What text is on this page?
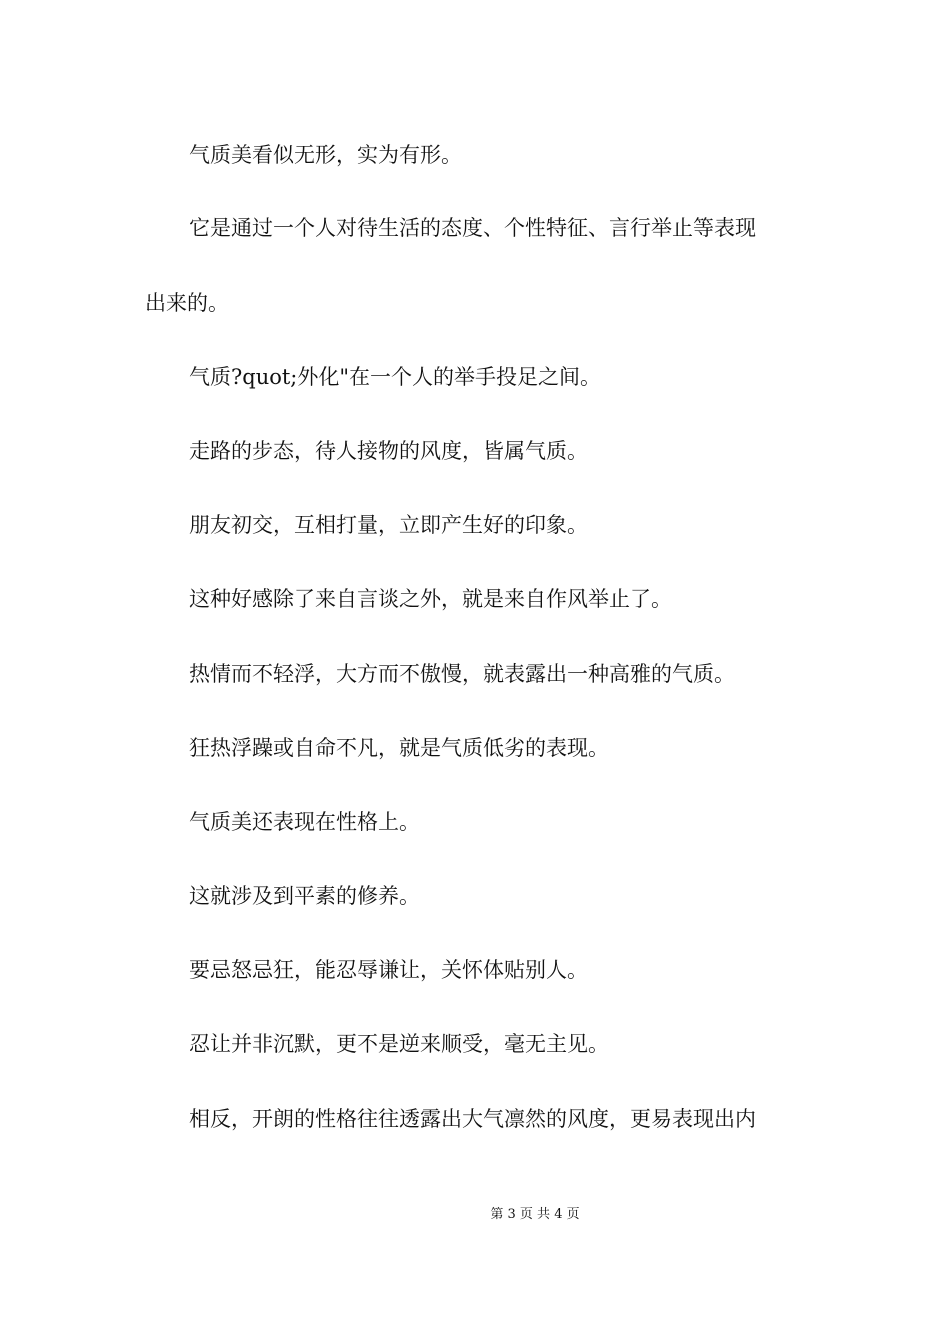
气质美看似无形，实为有形。

它是通过一个人对待生活的态度、个性特征、言行举止等表现

出来的。

气质?quot;外化"在一个人的举手投足之间。

走路的步态，待人接物的风度，皆属气质。

朋友初交，互相打量，立即产生好的印象。

这种好感除了来自言谈之外，就是来自作风举止了。

热情而不轻浮，大方而不傲慢，就表露出一种高雅的气质。

狂热浮躁或自命不凡，就是气质低劣的表现。

气质美还表现在性格上。

这就涉及到平素的修养。

要忌怒忌狂，能忍辱谦让，关怀体贴别人。

忍让并非沉默，更不是逆来顺受，毫无主见。

相反，开朗的性格往往透露出大气凛然的风度，更易表现出内

第 3 页 共 4 页
